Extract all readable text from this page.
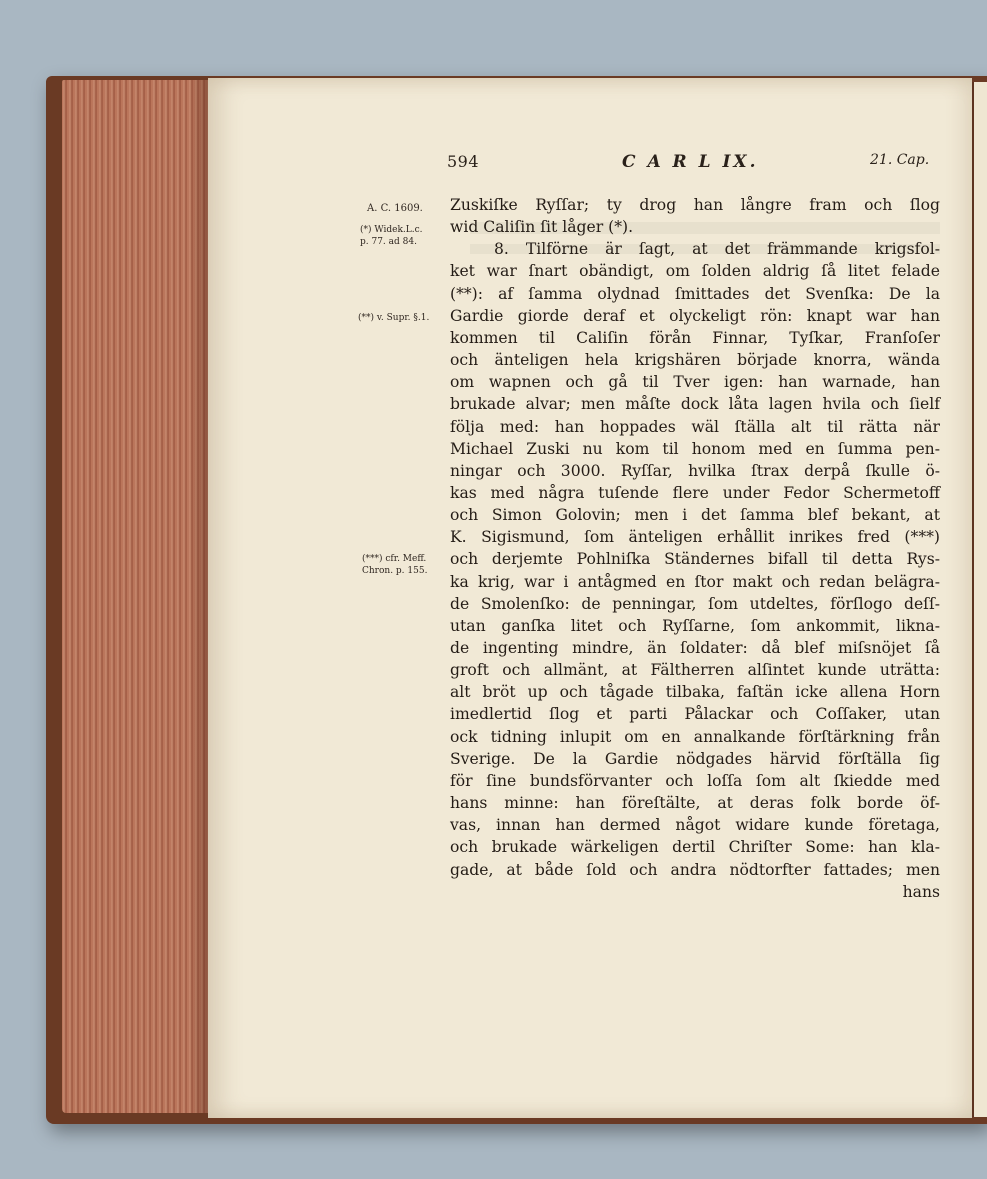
594	C A R L IX.	21. Cap.
A. C. 1609.
(*) Widek.L.c.
p. 77. ad 84.
(**) v. Supr. §.1.
(***) cfr. Meff.
Chron. p. 155.
Zuskiſke Ryſſar; ty drog han långre fram och ſlog
wid Caliſin ſit låger (*).
8. Tilförne är ſagt, at det främmande krigsfol-
ket war ſnart obändigt, om ſolden aldrig ſå litet felade
(**): af ſamma olydnad ſmittades det Svenſka: De la
Gardie giorde deraf et olyckeligt rön: knapt war han
kommen til Caliſin förån Finnar, Tyſkar, Franſoſer
och änteligen hela krigshären började knorra, wända
om wapnen och gå til Tver igen: han warnade, han
brukade alvar; men måſte dock låta lagen hvila och ſielf
följa med: han hoppades wäl ſtälla alt til rätta när
Michael Zuski nu kom til honom med en ſumma pen-
ningar och 3000. Ryſſar, hvilka ſtrax derpå ſkulle ö-
kas med några tuſende flere under Fedor Schermetoff
och Simon Golovin; men i det ſamma blef bekant, at
K. Sigismund, ſom änteligen erhållit inrikes fred (***)
och derjemte Pohlniſka Ständernes bifall til detta Rys-
ka krig, war i antågmed en ſtor makt och redan belägra-
de Smolenſko: de penningar, ſom utdeltes, förſlogo deſſ-
utan ganſka litet och Ryſſarne, ſom ankommit, likna-
de ingenting mindre, än ſoldater: då blef miſsnöjet ſå
groft och allmänt, at Fältherren alſintet kunde uträtta:
alt bröt up och tågade tilbaka, faſtän icke allena Horn
imedlertid ſlog et parti Pålackar och Coſſaker, utan
ock tidning inlupit om en annalkande förſtärkning från
Sverige. De la Gardie nödgades härvid förſtälla ſig
för ſine bundsförvanter och loſſa ſom alt ſkiedde med
hans minne: han föreſtälte, at deras folk borde öf-
vas, innan han dermed något widare kunde företaga,
och brukade wärkeligen dertil Chriſter Some: han kla-
gade, at både ſold och andra nödtorfter fattades; men
hans
